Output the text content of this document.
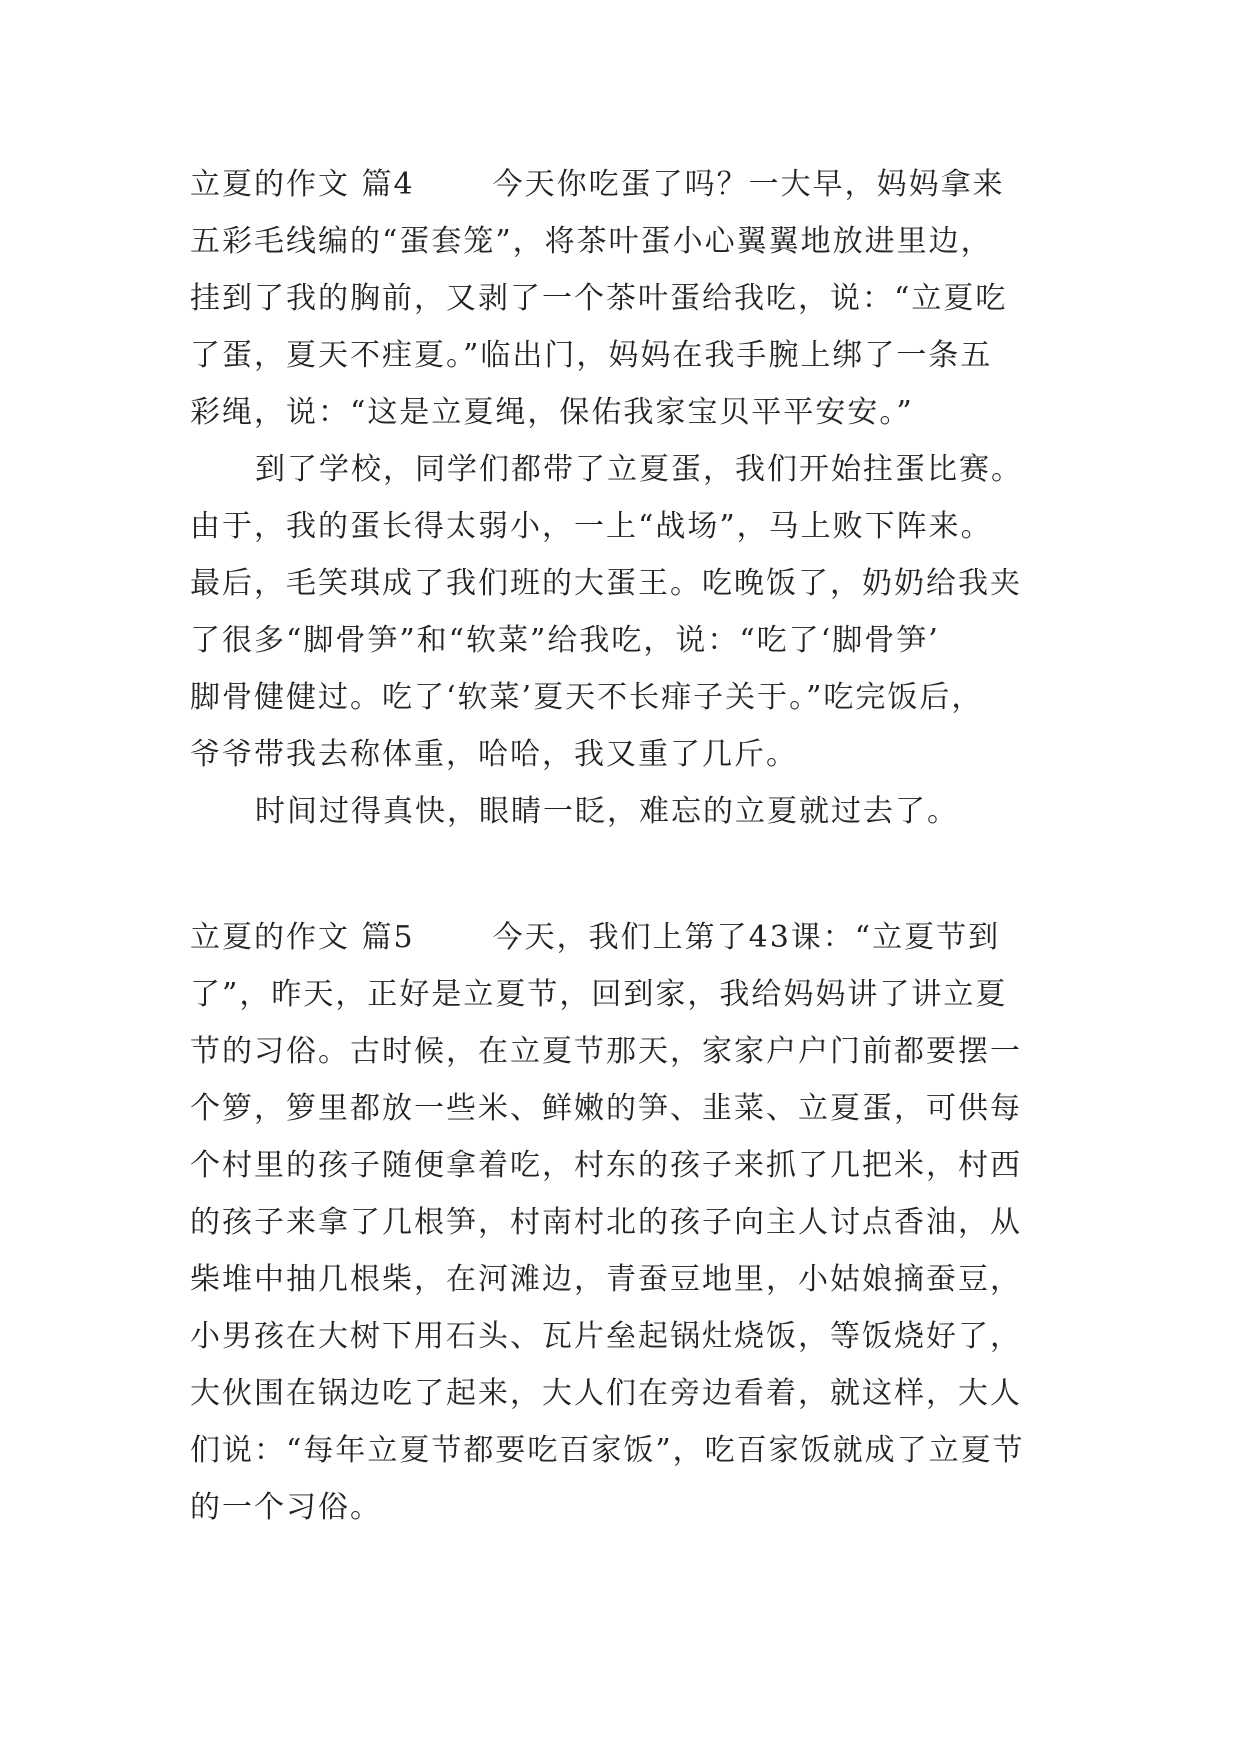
立夏的作文 篇4	今天你吃蛋了吗？一大早，妈妈拿来
五彩毛线编的“蛋套笼”，将茶叶蛋小心翼翼地放进里边，
挂到了我的胸前，又剥了一个茶叶蛋给我吃，说：“立夏吃
了蛋，夏天不疰夏。”临出门，妈妈在我手腕上绑了一条五
彩绳，说：“这是立夏绳，保佑我家宝贝平平安安。”
到了学校，同学们都带了立夏蛋，我们开始拄蛋比赛。
由于，我的蛋长得太弱小，一上“战场”，马上败下阵来。
最后，毛笑琪成了我们班的大蛋王。吃晚饭了，奶奶给我夹
了很多“脚骨笋”和“软菜”给我吃，说：“吃了‘脚骨笋’
脚骨健健过。吃了‘软菜’夏天不长痱子关于。”吃完饭后，
爷爷带我去称体重，哈哈，我又重了几斤。
时间过得真快，眼睛一眨，难忘的立夏就过去了。
立夏的作文 篇5	今天，我们上第了43课：“立夏节到
了”，昨天，正好是立夏节，回到家，我给妈妈讲了讲立夏
节的习俗。古时候，在立夏节那天，家家户户门前都要摆一
个箩，箩里都放一些米、鲜嫩的笋、韭菜、立夏蛋，可供每
个村里的孩子随便拿着吃，村东的孩子来抓了几把米，村西
的孩子来拿了几根笋，村南村北的孩子向主人讨点香油，从
柴堆中抽几根柴，在河滩边，青蚕豆地里，小姑娘摘蚕豆，
小男孩在大树下用石头、瓦片垒起锅灶烧饭，等饭烧好了，
大伙围在锅边吃了起来，大人们在旁边看着，就这样，大人
们说：“每年立夏节都要吃百家饭”，吃百家饭就成了立夏节
的一个习俗。
